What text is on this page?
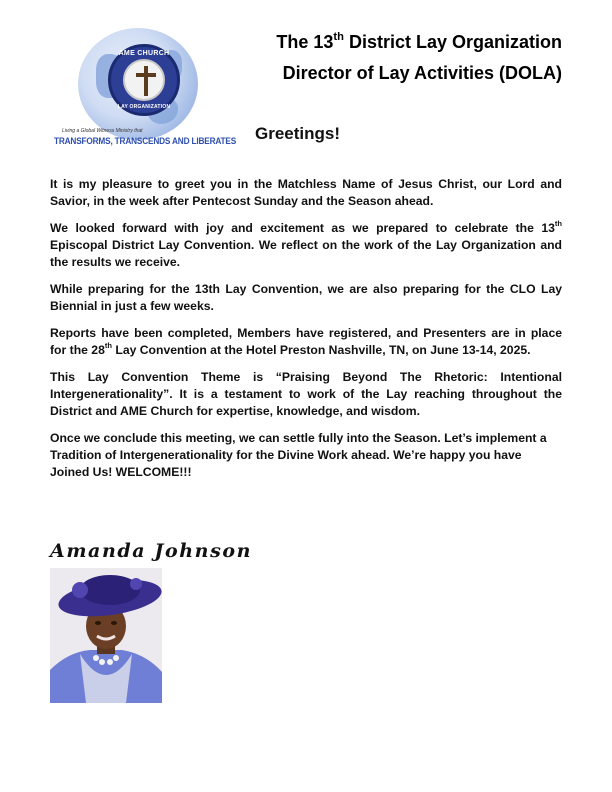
AME CHURCH
LAY ORGANIZATION
Living a Global Witness Ministry that
TRANSFORMS, TRANSCENDS AND LIBERATES
The 13th District Lay Organization
Director of Lay Activities (DOLA)
Greetings!

It is my pleasure to greet you in the Matchless Name of Jesus Christ, our Lord and Savior, in the week after Pentecost Sunday and the Season ahead.

We looked forward with joy and excitement as we prepared to celebrate the 13th Episcopal District Lay Convention. We reflect on the work of the Lay Organization and the results we receive.

While preparing for the 13th Lay Convention, we are also preparing for the CLO Lay Biennial in just a few weeks.

Reports have been completed, Members have registered, and Presenters are in place for the 28th Lay Convention at the Hotel Preston Nashville, TN, on June 13-14, 2025.

This Lay Convention Theme is “Praising Beyond The Rhetoric: Intentional Intergenerationality”. It is a testament to work of the Lay reaching throughout the District and AME Church for expertise, knowledge, and wisdom.

Once we conclude this meeting, we can settle fully into the Season. Let’s implement a Tradition of Intergenerationality for the Divine Work ahead. We’re happy you have Joined Us! WELCOME!!!

Amanda Johnson
